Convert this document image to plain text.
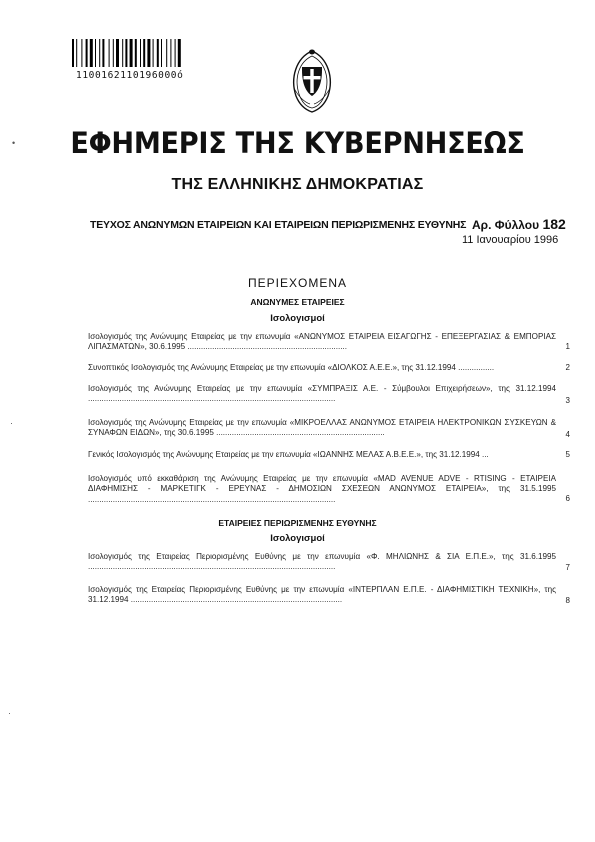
1100162110196000ó
ΕΦΗΜΕΡΙΣ ΤΗΣ ΚΥΒΕΡΝΗΣΕΩΣ
ΤΗΣ ΕΛΛΗΝΙΚΗΣ ΔΗΜΟΚΡΑΤΙΑΣ
ΤΕΥΧΟΣ ΑΝΩΝΥΜΩΝ ΕΤΑΙΡΕΙΩΝ ΚΑΙ ΕΤΑΙΡΕΙΩΝ ΠΕΡΙΩΡΙΣΜΕΝΗΣ ΕΥΘΥΝΗΣ Αρ. Φύλλου 182
11 Ιανουαρίου 1996
ΠΕΡΙΕΧΟΜΕΝΑ
ΑΝΩΝΥΜΕΣ ΕΤΑΙΡΕΙΕΣ
Ισολογισμοί
Ισολογισμός της Ανώνυμης Εταιρείας με την επωνυμία «ΑΝΩΝΥΜΟΣ ΕΤΑΙΡΕΙΑ ΕΙΣΑΓΩΓΗΣ - ΕΠΕΞΕΡΓΑΣΙΑΣ & ΕΜΠΟΡΙΑΣ ΛΙΠΑΣΜΑΤΩΝ», 30.6.1995 .......................................................................	1
Συνοπτικός Ισολογισμός της Ανώνυμης Εταιρείας με την επωνυμία «ΔΙΟΛΚΟΣ Α.Ε.Ε.», της 31.12.1994 ................	2
Ισολογισμός της Ανώνυμης Εταιρείας με την επωνυμία «ΣΥΜΠΡΑΞΙΣ Α.Ε. - Σύμβουλοι Επιχειρήσεων», της 31.12.1994 ..............................................................................................................	3
Ισολογισμός της Ανώνυμης Εταιρείας με την επωνυμία «ΜΙΚΡΟΕΛΛΑΣ ΑΝΩΝΥΜΟΣ ΕΤΑΙΡΕΙΑ ΗΛΕΚΤΡΟΝΙΚΩΝ ΣΥΣΚΕΥΩΝ & ΣΥΝΑΦΩΝ ΕΙΔΩΝ», της 30.6.1995 ...........................................................................	4
Γενικός Ισολογισμός της Ανώνυμης Εταιρείας με την επωνυμία «ΙΩΑΝΝΗΣ ΜΕΛΑΣ Α.Β.Ε.Ε.», της 31.12.1994 ...	5
Ισολογισμός υπό εκκαθάριση της Ανώνυμης Εταιρείας με την επωνυμία «MAD AVENUE ADVE - RTISING - ΕΤΑΙΡΕΙΑ ΔΙΑΦΗΜΙΣΗΣ - ΜΑΡΚΕΤΙΓΚ - ΕΡΕΥΝΑΣ - ΔΗΜΟΣΙΩΝ ΣΧΕΣΕΩΝ ΑΝΩΝΥΜΟΣ ΕΤΑΙΡΕΙΑ», της 31.5.1995 ..............................................................................................................	6
ΕΤΑΙΡΕΙΕΣ ΠΕΡΙΩΡΙΣΜΕΝΗΣ ΕΥΘΥΝΗΣ
Ισολογισμοί
Ισολογισμός της Εταιρείας Περιορισμένης Ευθύνης με την επωνυμία «Φ. ΜΗΛΙΩΝΗΣ & ΣΙΑ Ε.Π.Ε.», της 31.6.1995 ..............................................................................................................	7
Ισολογισμός της Εταιρείας Περιορισμένης Ευθύνης με την επωνυμία «ΙΝΤΕΡΠΛΑΝ Ε.Π.Ε. - ΔΙΑΦΗΜΙΣΤΙΚΗ ΤΕΧΝΙΚΗ», της 31.12.1994 ..............................................................................................	8
•
·
·
